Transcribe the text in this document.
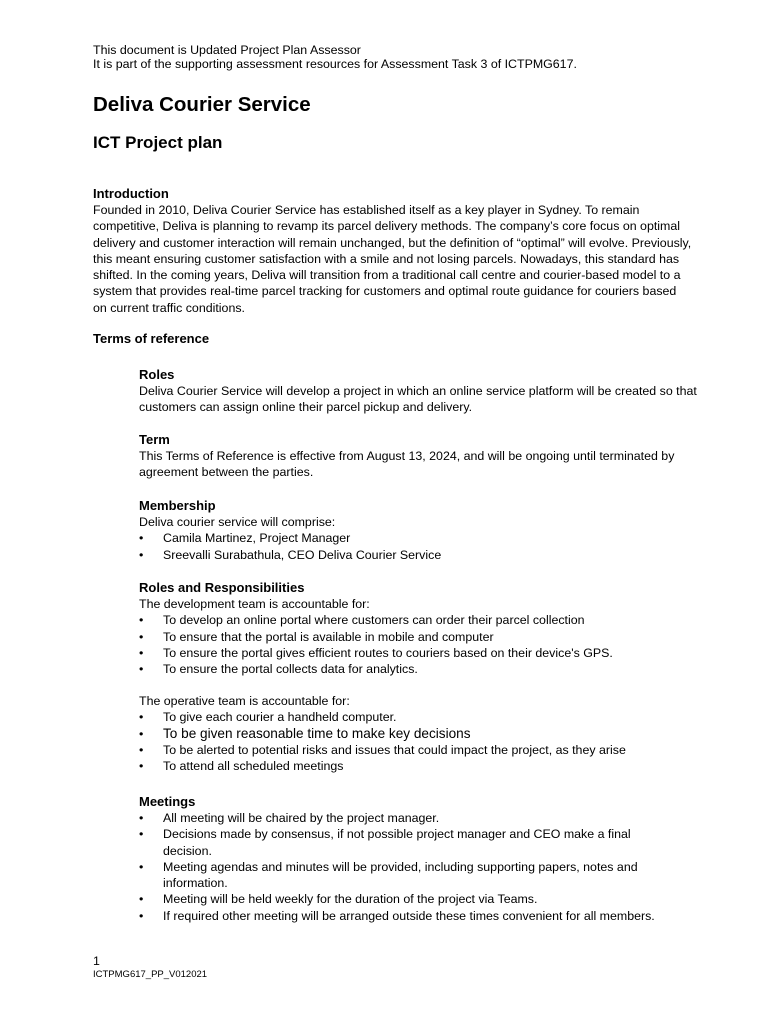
This document is Updated Project Plan Assessor
It is part of the supporting assessment resources for Assessment Task 3 of ICTPMG617.
Deliva Courier Service
ICT Project plan
Introduction

Founded in 2010, Deliva Courier Service has established itself as a key player in Sydney. To remain competitive, Deliva is planning to revamp its parcel delivery methods. The company’s core focus on optimal delivery and customer interaction will remain unchanged, but the definition of “optimal” will evolve. Previously, this meant ensuring customer satisfaction with a smile and not losing parcels. Nowadays, this standard has shifted. In the coming years, Deliva will transition from a traditional call centre and courier-based model to a system that provides real-time parcel tracking for customers and optimal route guidance for couriers based on current traffic conditions.

Terms of reference
Roles

Deliva Courier Service will develop a project in which an online service platform will be created so that customers can assign online their parcel pickup and delivery.

Term

This Terms of Reference is effective from August 13, 2024, and will be ongoing until terminated by agreement between the parties.

Membership

Deliva courier service will comprise:

•	Camila Martinez, Project Manager
•	Sreevalli Surabathula, CEO Deliva Courier Service
Roles and Responsibilities

The development team is accountable for:

•	To develop an online portal where customers can order their parcel collection
•	To ensure that the portal is available in mobile and computer
•	To ensure the portal gives efficient routes to couriers based on their device's GPS.
•	To ensure the portal collects data for analytics.

The operative team is accountable for:

•	To give each courier a handheld computer.
•	To be given reasonable time to make key decisions
•	To be alerted to potential risks and issues that could impact the project, as they arise
•	To attend all scheduled meetings
Meetings
•	All meeting will be chaired by the project manager.
•	Decisions made by consensus, if not possible project manager and CEO make a final decision.
•	Meeting agendas and minutes will be provided, including supporting papers, notes and information.
•	Meeting will be held weekly for the duration of the project via Teams.
•	If required other meeting will be arranged outside these times convenient for all members.
1
ICTPMG617_PP_V012021
